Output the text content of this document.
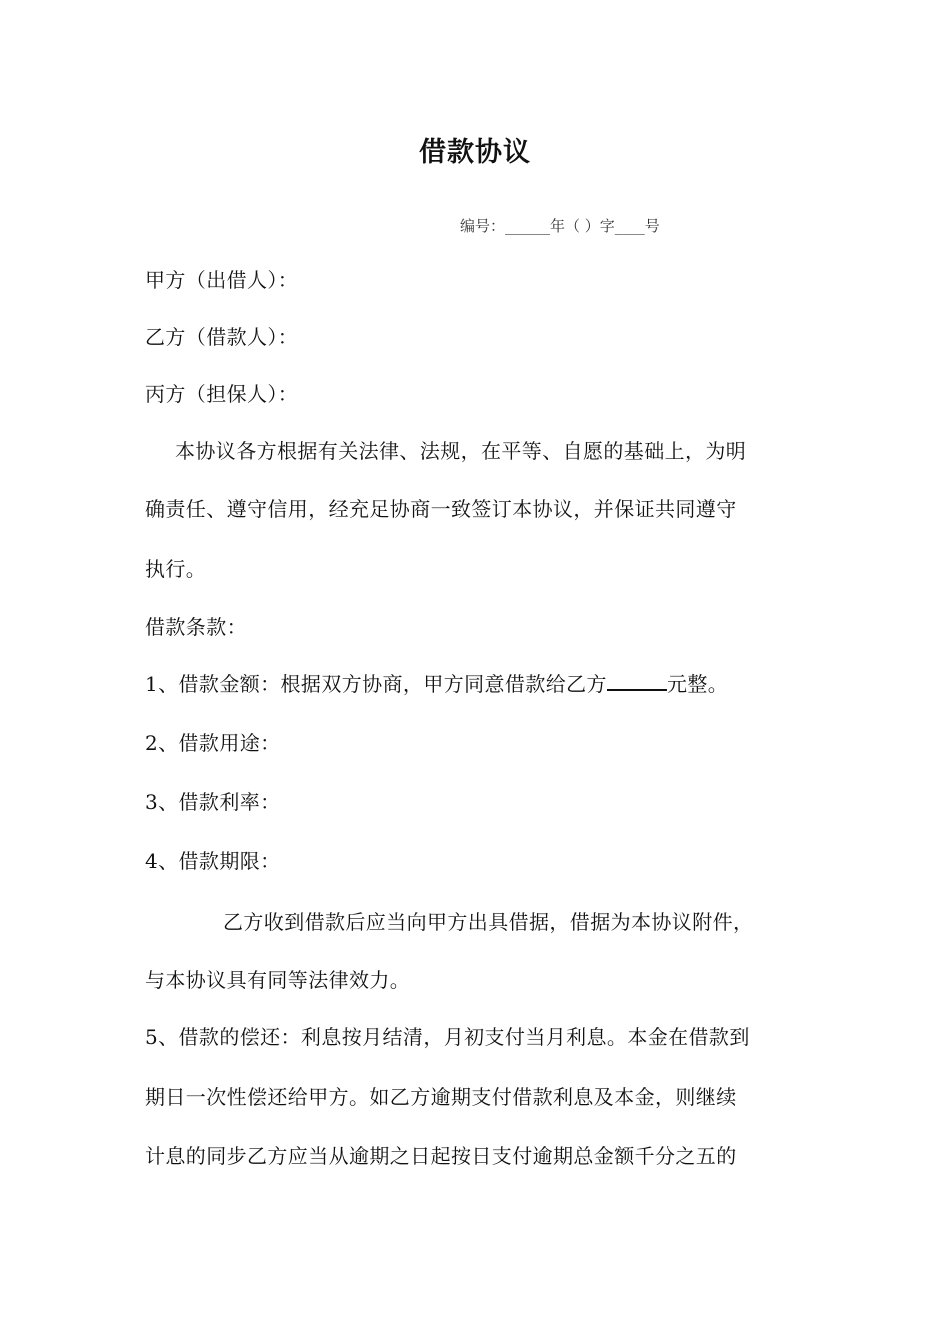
借款协议
编号：______年（ ）字____号
甲方（出借人）：
乙方（借款人）：
丙方（担保人）：
本协议各方根据有关法律、法规，在平等、自愿的基础上，为明
确责任、遵守信用，经充足协商一致签订本协议，并保证共同遵守
执行。
借款条款：
1、借款金额：根据双方协商，甲方同意借款给乙方	元整。
2、借款用途：
3、借款利率：
4、借款期限：
乙方收到借款后应当向甲方出具借据，借据为本协议附件，
与本协议具有同等法律效力。
5、借款的偿还：利息按月结清，月初支付当月利息。本金在借款到
期日一次性偿还给甲方。如乙方逾期支付借款利息及本金，则继续
计息的同步乙方应当从逾期之日起按日支付逾期总金额千分之五的
